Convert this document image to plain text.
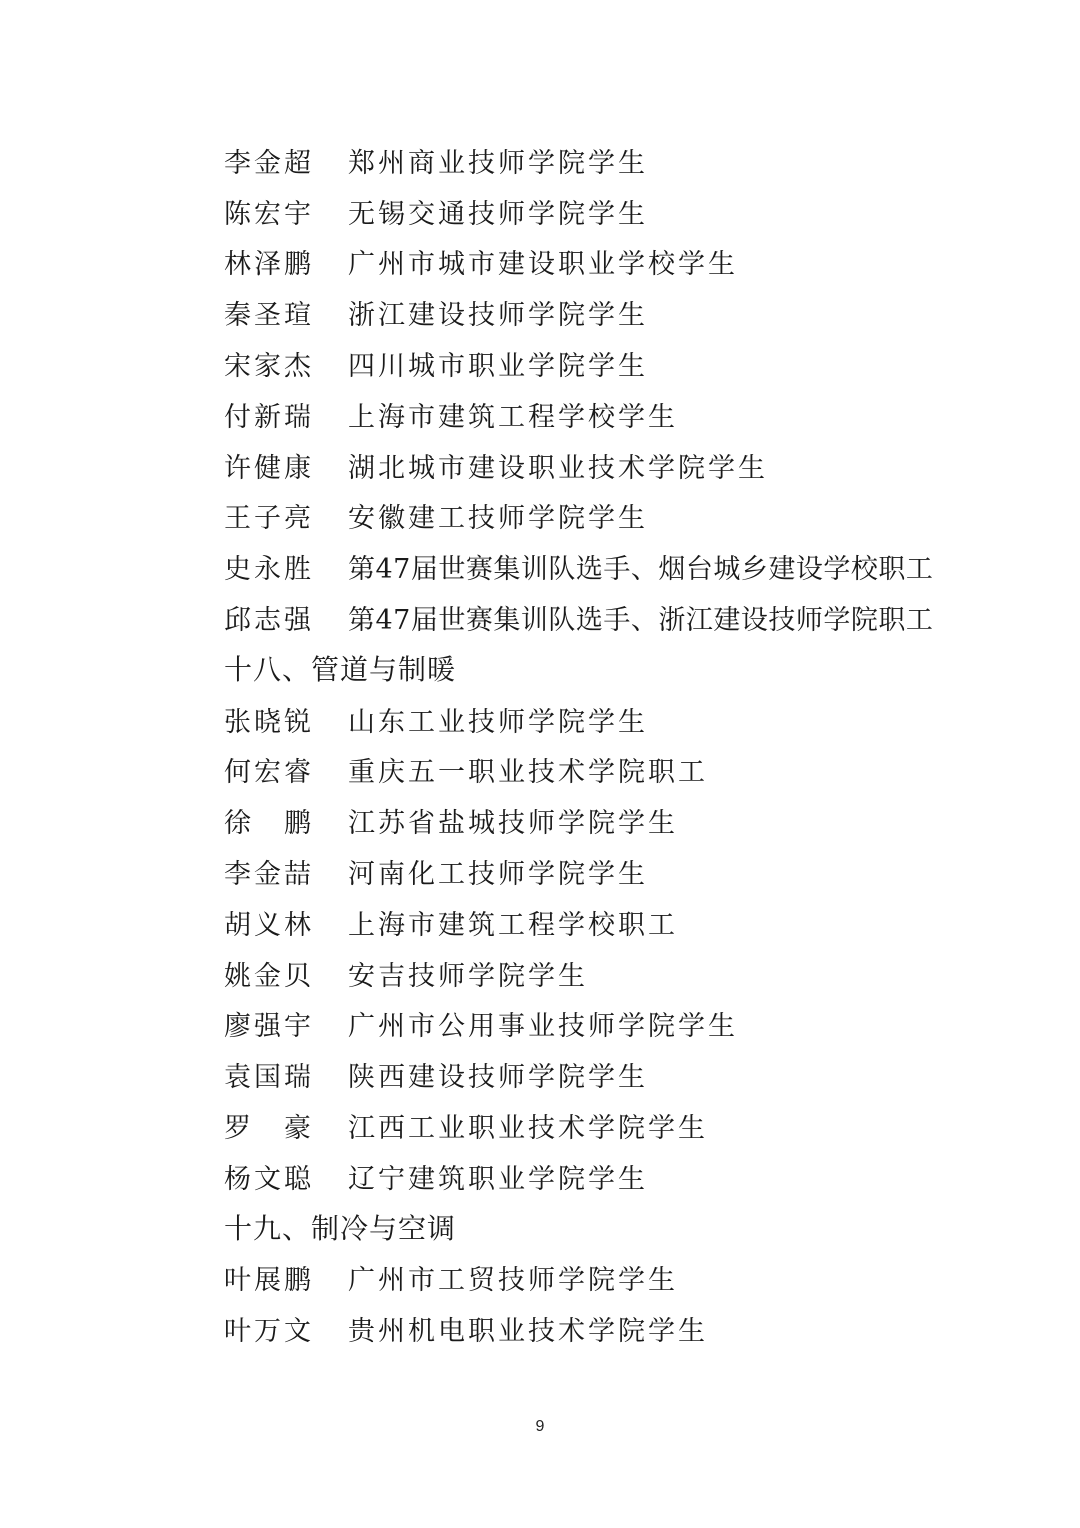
李金超	郑州商业技师学院学生
陈宏宇	无锡交通技师学院学生
林泽鹏	广州市城市建设职业学校学生
秦圣瑄	浙江建设技师学院学生
宋家杰	四川城市职业学院学生
付新瑞	上海市建筑工程学校学生
许健康	湖北城市建设职业技术学院学生
王子亮	安徽建工技师学院学生
史永胜	第47届世赛集训队选手、烟台城乡建设学校职工
邱志强	第47届世赛集训队选手、浙江建设技师学院职工
十八、管道与制暖
张晓锐	山东工业技师学院学生
何宏睿	重庆五一职业技术学院职工
徐　鹏	江苏省盐城技师学院学生
李金喆	河南化工技师学院学生
胡义林	上海市建筑工程学校职工
姚金贝	安吉技师学院学生
廖强宇	广州市公用事业技师学院学生
袁国瑞	陕西建设技师学院学生
罗　豪	江西工业职业技术学院学生
杨文聪	辽宁建筑职业学院学生
十九、制冷与空调
叶展鹏	广州市工贸技师学院学生
叶万文	贵州机电职业技术学院学生
9
